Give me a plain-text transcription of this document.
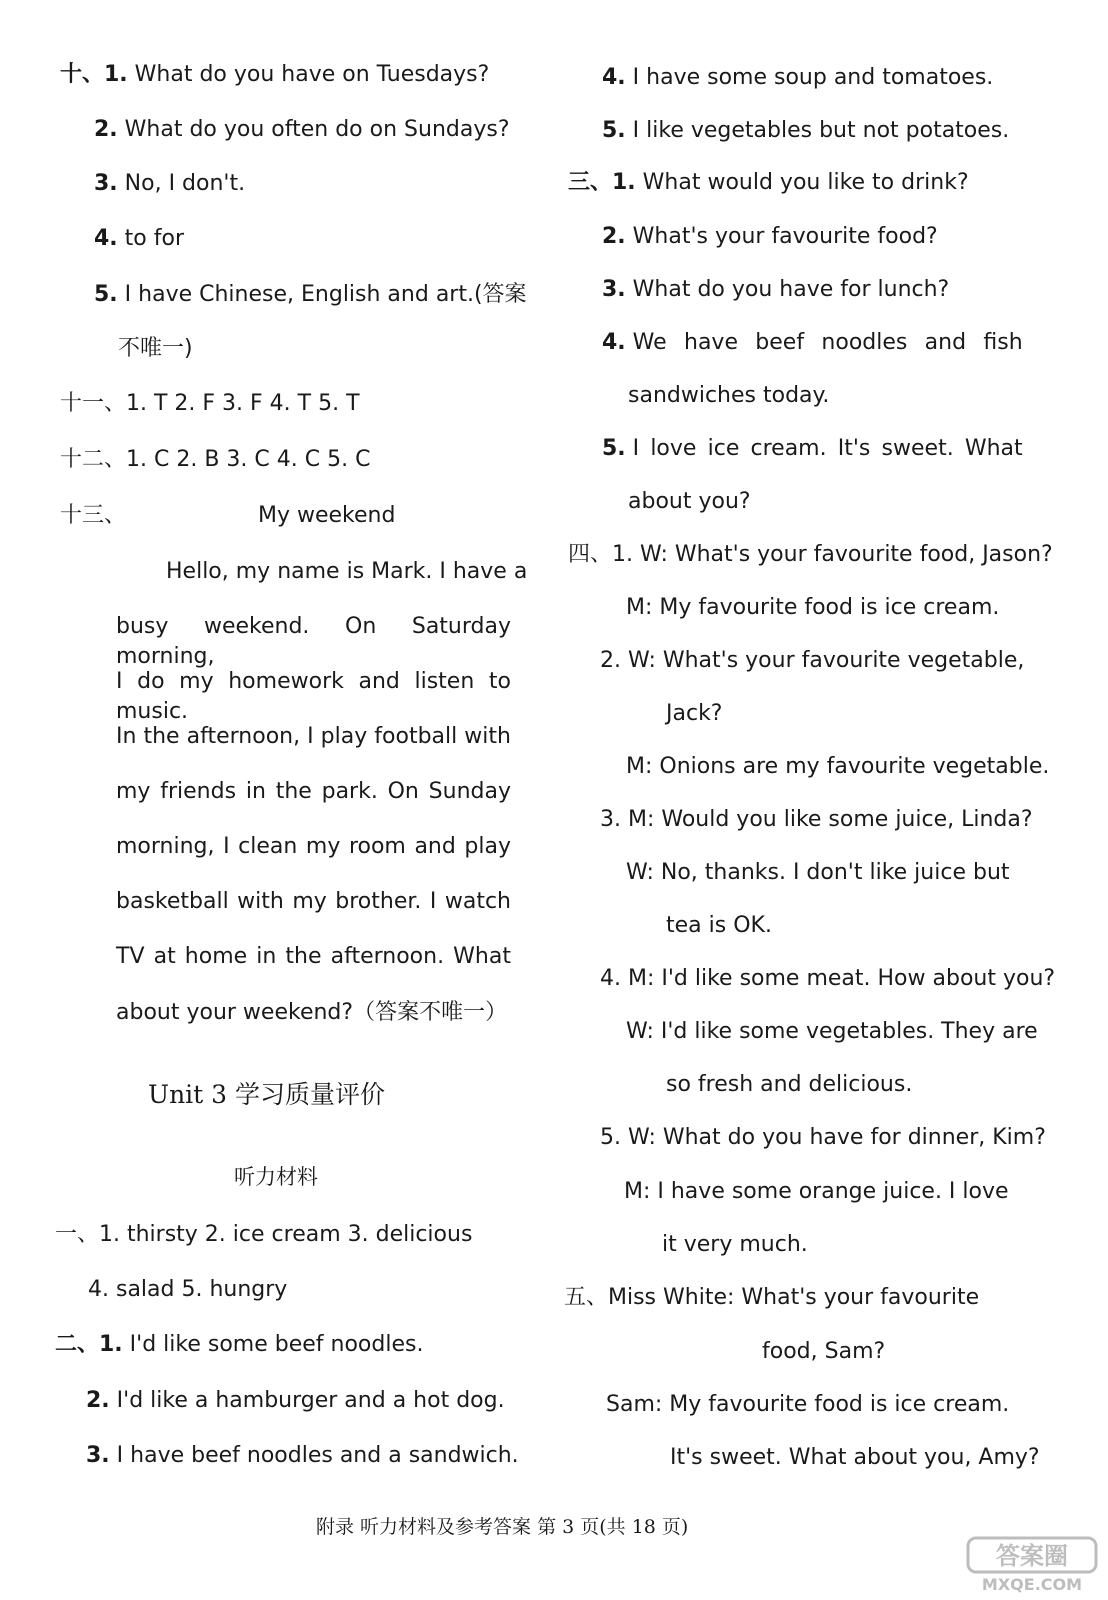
十、1. What do you have on Tuesdays?
2. What do you often do on Sundays?
3. No, I don't.
4. to for
5. I have Chinese, English and art.(答案
不唯一)
十一、1. T 2. F 3. F 4. T 5. T
十二、1. C 2. B 3. C 4. C 5. C
十三、	My weekend
Hello, my name is Mark. I have a
busy weekend. On Saturday morning,
I do my homework and listen to music.
In the afternoon, I play football with
my friends in the park. On Sunday
morning, I clean my room and play
basketball with my brother. I watch
TV at home in the afternoon. What
about your weekend?（答案不唯一）
Unit 3 学习质量评价
听力材料
一、1. thirsty 2. ice cream 3. delicious
4. salad 5. hungry
二、1. I'd like some beef noodles.
2. I'd like a hamburger and a hot dog.
3. I have beef noodles and a sandwich.
4. I have some soup and tomatoes.
5. I like vegetables but not potatoes.
三、1. What would you like to drink?
2. What's your favourite food?
3. What do you have for lunch?
4. We have beef noodles and fish
sandwiches today.
5. I love ice cream. It's sweet. What
about you?
四、1. W: What's your favourite food, Jason?
M: My favourite food is ice cream.
2. W: What's your favourite vegetable,
Jack?
M: Onions are my favourite vegetable.
3. M: Would you like some juice, Linda?
W: No, thanks. I don't like juice but
tea is OK.
4. M: I'd like some meat. How about you?
W: I'd like some vegetables. They are
so fresh and delicious.
5. W: What do you have for dinner, Kim?
M: I have some orange juice. I love
it very much.
五、Miss White: What's your favourite
food, Sam?
Sam: My favourite food is ice cream.
It's sweet. What about you, Amy?
附录 听力材料及参考答案 第 3 页(共 18 页)
答案圈
MXQE.COM
